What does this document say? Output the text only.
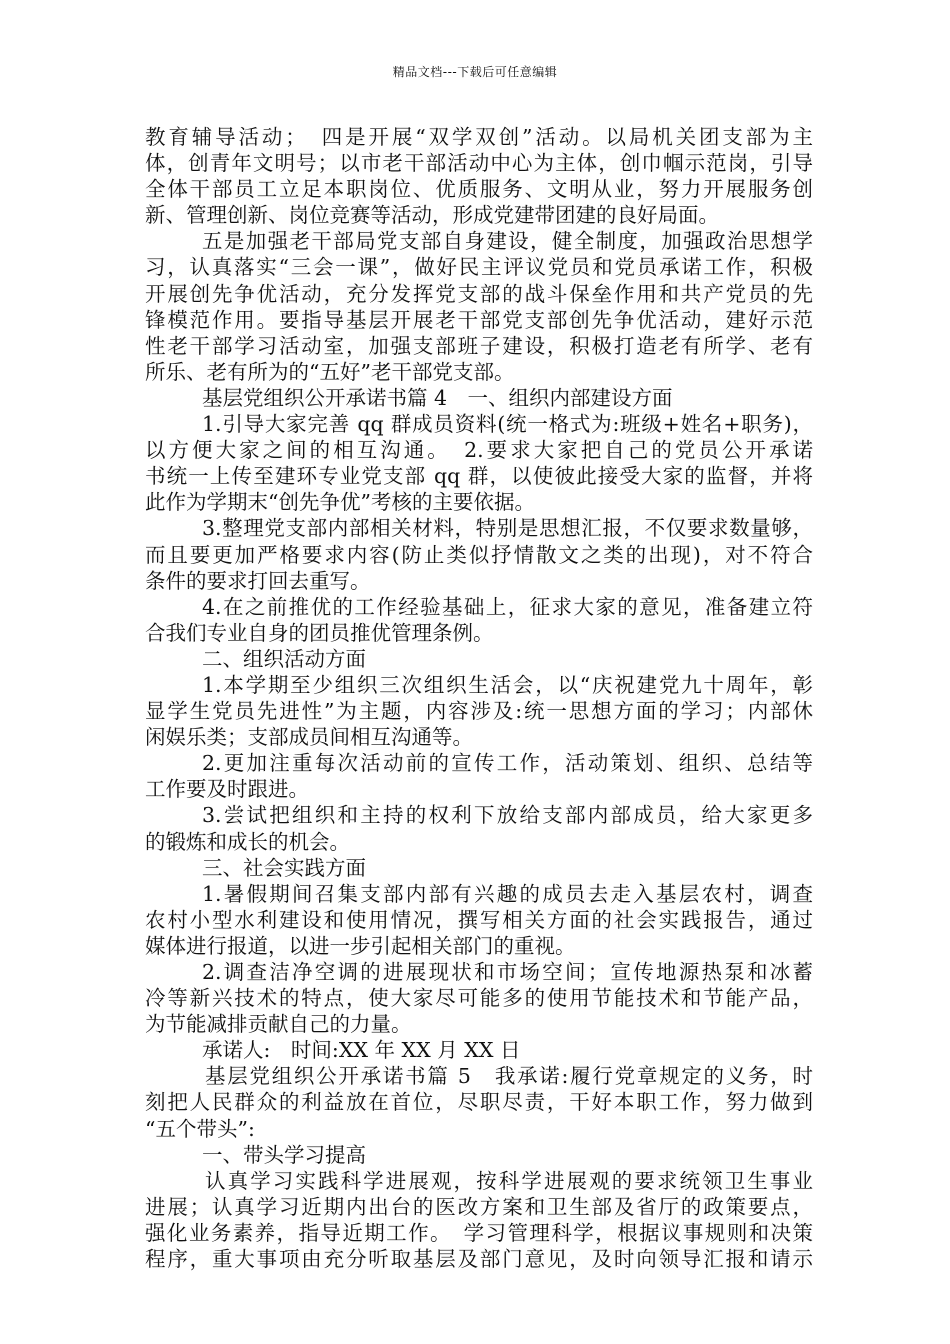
精品文档---下载后可任意编辑
教育辅导活动；　四是开展“双学双创”活动。以局机关团支部为主
体，创青年文明号；以市老干部活动中心为主体，创巾帼示范岗，引导
全体干部员工立足本职岗位、优质服务、文明从业，努力开展服务创
新、管理创新、岗位竞赛等活动，形成党建带团建的良好局面。
五是加强老干部局党支部自身建设，健全制度，加强政治思想学
习，认真落实“三会一课”，做好民主评议党员和党员承诺工作，积极
开展创先争优活动，充分发挥党支部的战斗保垒作用和共产党员的先
锋模范作用。要指导基层开展老干部党支部创先争优活动，建好示范
性老干部学习活动室，加强支部班子建设，积极打造老有所学、老有
所乐、老有所为的“五好”老干部党支部。
基层党组织公开承诺书篇 4　一、组织内部建设方面
1.引导大家完善 qq 群成员资料(统一格式为:班级+姓名+职务)，
以方便大家之间的相互沟通。　2.要求大家把自己的党员公开承诺
书统一上传至建环专业党支部 qq 群，以使彼此接受大家的监督，并将
此作为学期末“创先争优”考核的主要依据。
3.整理党支部内部相关材料，特别是思想汇报，不仅要求数量够，
而且要更加严格要求内容(防止类似抒情散文之类的出现)，对不符合
条件的要求打回去重写。
4.在之前推优的工作经验基础上，征求大家的意见，准备建立符
合我们专业自身的团员推优管理条例。
二、组织活动方面
1.本学期至少组织三次组织生活会，以“庆祝建党九十周年，彰
显学生党员先进性”为主题，内容涉及:统一思想方面的学习；内部休
闲娱乐类；支部成员间相互沟通等。
2.更加注重每次活动前的宣传工作，活动策划、组织、总结等
工作要及时跟进。
3.尝试把组织和主持的权利下放给支部内部成员，给大家更多
的锻炼和成长的机会。
三、社会实践方面
1.暑假期间召集支部内部有兴趣的成员去走入基层农村，调查
农村小型水利建设和使用情况，撰写相关方面的社会实践报告，通过
媒体进行报道，以进一步引起相关部门的重视。
2.调查洁净空调的进展现状和市场空间；宣传地源热泵和冰蓄
冷等新兴技术的特点，使大家尽可能多的使用节能技术和节能产品，
为节能减排贡献自己的力量。
承诺人:　时间:XX 年 XX 月 XX 日
基层党组织公开承诺书篇 5　我承诺:履行党章规定的义务，时
刻把人民群众的利益放在首位，尽职尽责，干好本职工作，努力做到
“五个带头”:
一、带头学习提高
认真学习实践科学进展观，按科学进展观的要求统领卫生事业
进展；认真学习近期内出台的医改方案和卫生部及省厅的政策要点，
强化业务素养，指导近期工作。　学习管理科学，根据议事规则和决策
程序，重大事项由充分听取基层及部门意见，及时向领导汇报和请示
